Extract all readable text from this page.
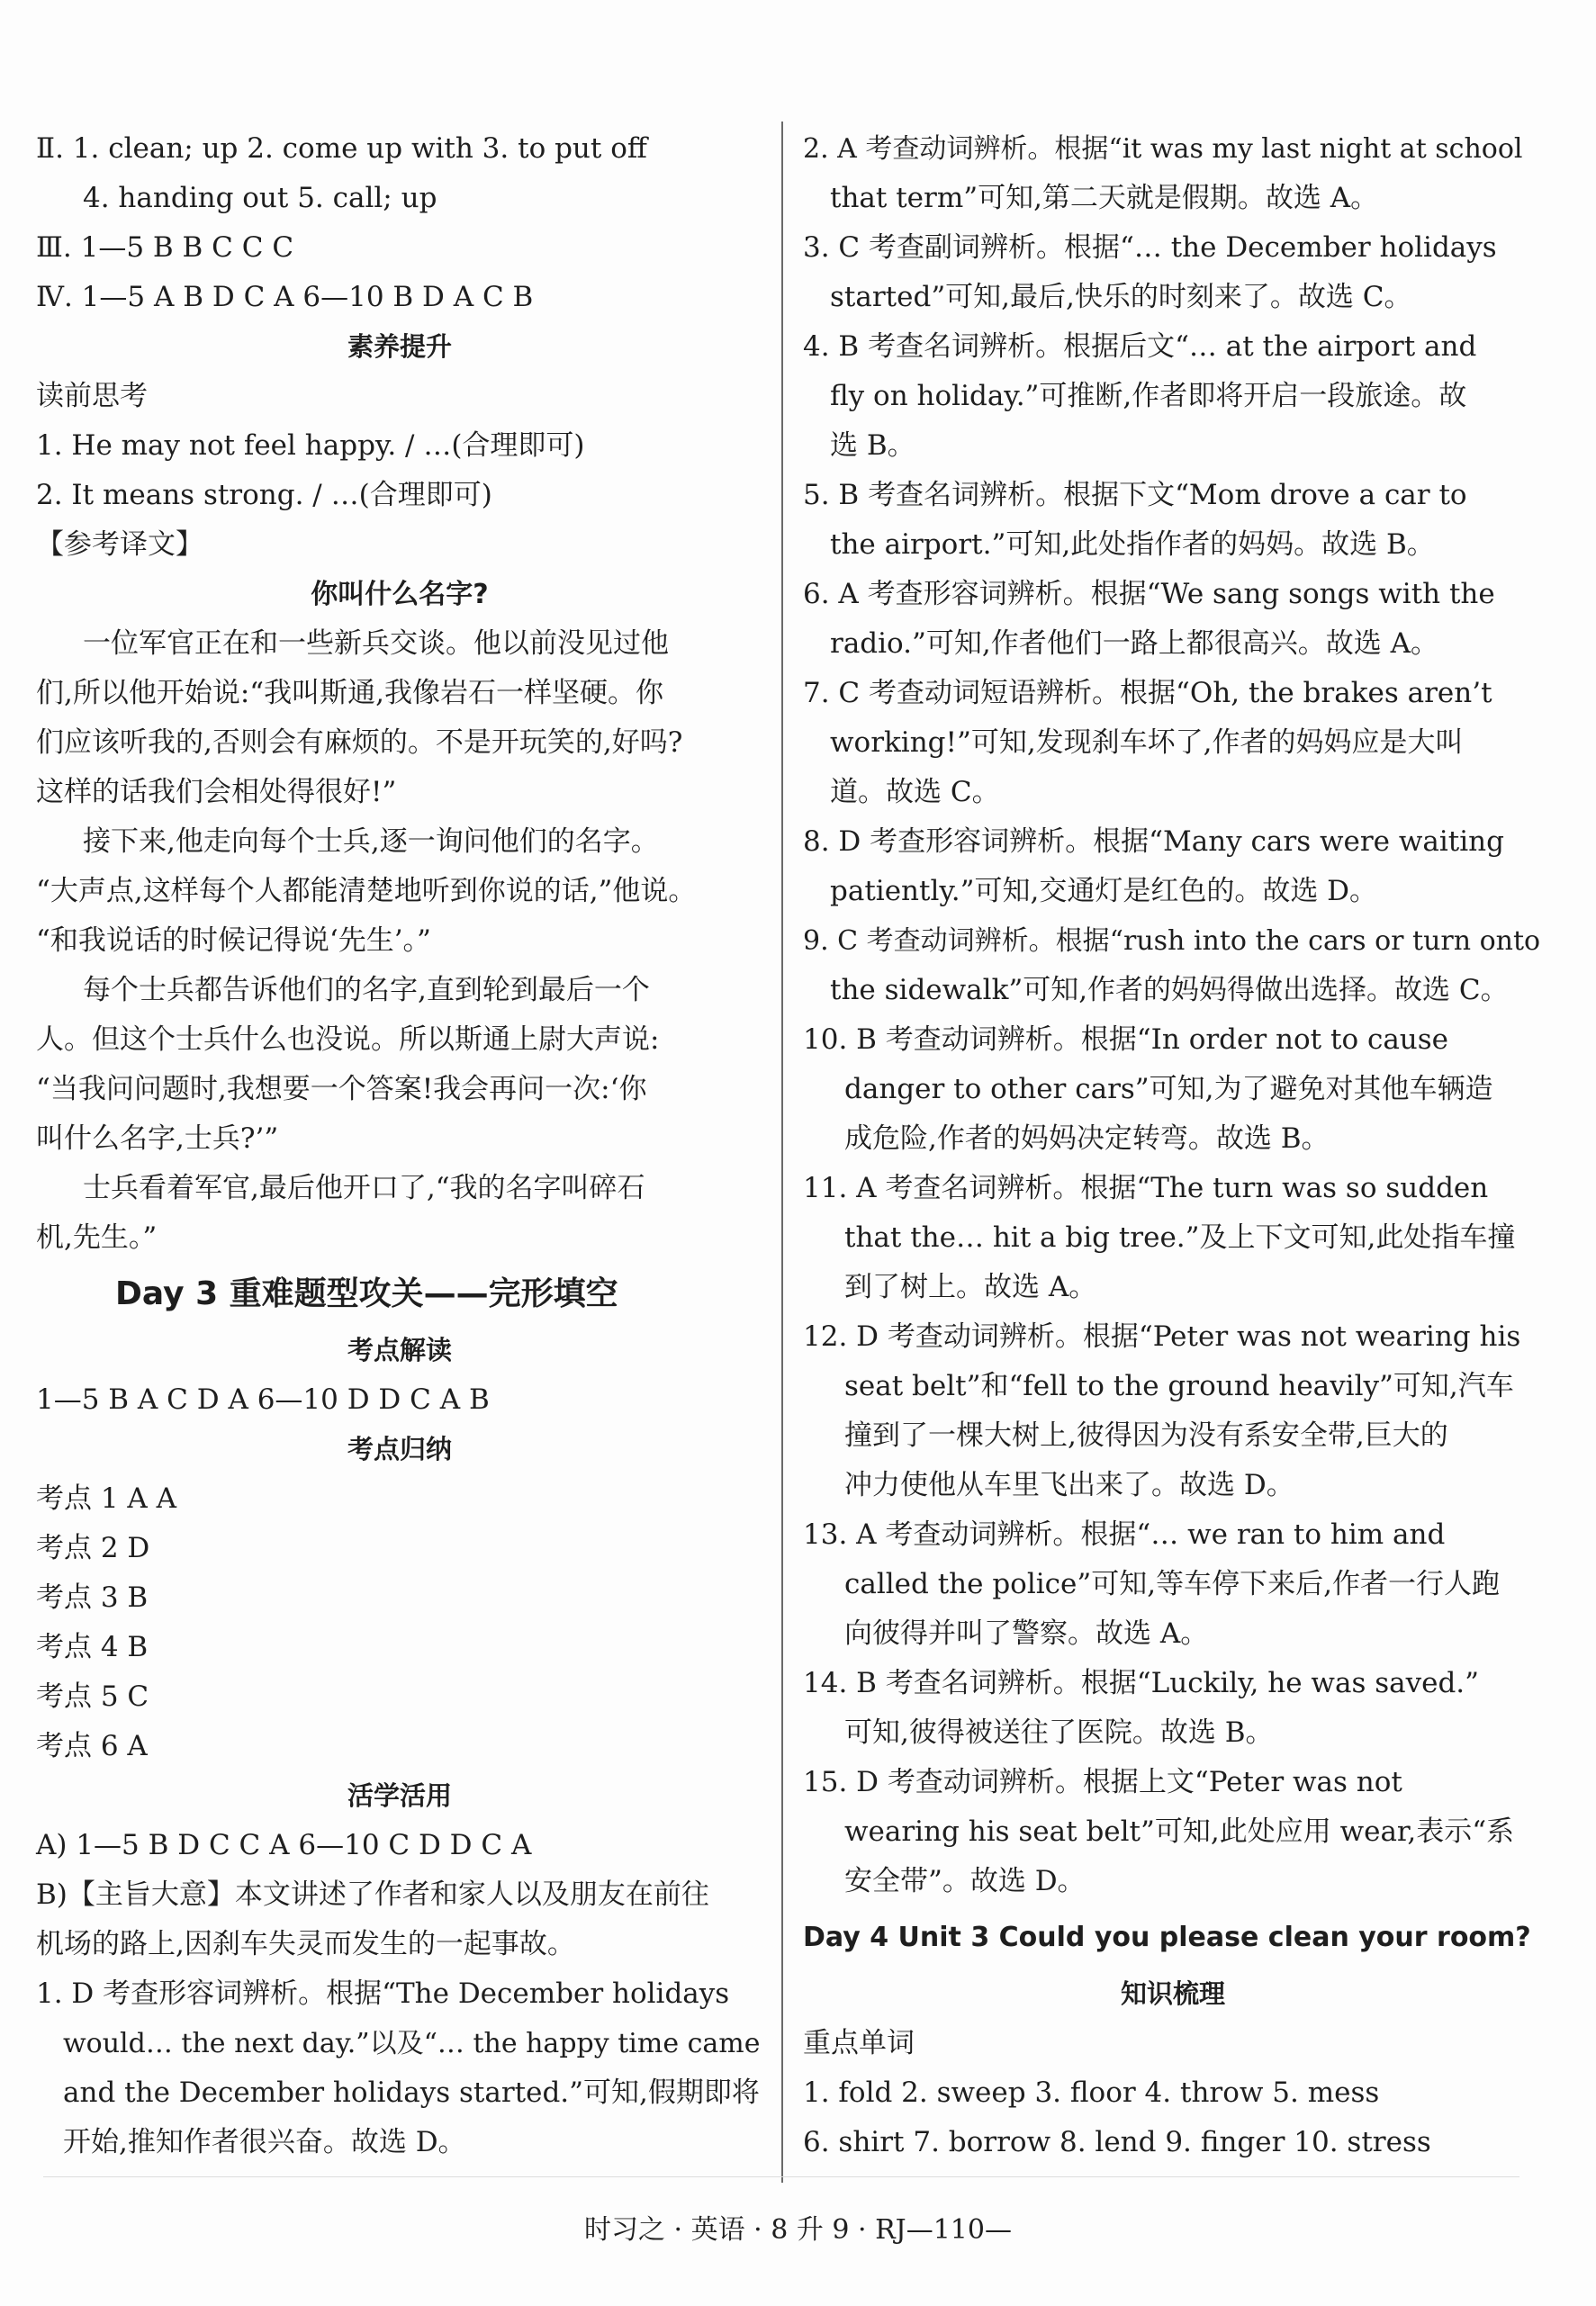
Ⅱ. 1. clean; up 2. come up with 3. to put off
4. handing out 5. call; up
Ⅲ. 1—5 B B C C C
Ⅳ. 1—5 A B D C A 6—10 B D A C B
素养提升
读前思考
1. He may not feel happy. / …(合理即可)
2. It means strong. / …(合理即可)
【参考译文】
你叫什么名字?
一位军官正在和一些新兵交谈。他以前没见过他
们,所以他开始说:“我叫斯通,我像岩石一样坚硬。你
们应该听我的,否则会有麻烦的。不是开玩笑的,好吗?
这样的话我们会相处得很好!”
接下来,他走向每个士兵,逐一询问他们的名字。
“大声点,这样每个人都能清楚地听到你说的话,”他说。
“和我说话的时候记得说‘先生’。”
每个士兵都告诉他们的名字,直到轮到最后一个
人。但这个士兵什么也没说。所以斯通上尉大声说:
“当我问问题时,我想要一个答案!我会再问一次:‘你
叫什么名字,士兵?’”
士兵看着军官,最后他开口了,“我的名字叫碎石
机,先生。”
Day 3 重难题型攻关——完形填空
考点解读
1—5 B A C D A 6—10 D D C A B
考点归纳
考点 1 A A
考点 2 D
考点 3 B
考点 4 B
考点 5 C
考点 6 A
活学活用
A) 1—5 B D C C A 6—10 C D D C A
B)【主旨大意】本文讲述了作者和家人以及朋友在前往
机场的路上,因刹车失灵而发生的一起事故。
1. D 考查形容词辨析。根据“The December holidays
would… the next day.”以及“… the happy time came
and the December holidays started.”可知,假期即将
开始,推知作者很兴奋。故选 D。
2. A 考查动词辨析。根据“it was my last night at school
that term”可知,第二天就是假期。故选 A。
3. C 考查副词辨析。根据“… the December holidays
started”可知,最后,快乐的时刻来了。故选 C。
4. B 考查名词辨析。根据后文“… at the airport and
fly on holiday.”可推断,作者即将开启一段旅途。故
选 B。
5. B 考查名词辨析。根据下文“Mom drove a car to
the airport.”可知,此处指作者的妈妈。故选 B。
6. A 考查形容词辨析。根据“We sang songs with the
radio.”可知,作者他们一路上都很高兴。故选 A。
7. C 考查动词短语辨析。根据“Oh, the brakes aren’t
working!”可知,发现刹车坏了,作者的妈妈应是大叫
道。故选 C。
8. D 考查形容词辨析。根据“Many cars were waiting
patiently.”可知,交通灯是红色的。故选 D。
9. C 考查动词辨析。根据“rush into the cars or turn onto
the sidewalk”可知,作者的妈妈得做出选择。故选 C。
10. B 考查动词辨析。根据“In order not to cause
danger to other cars”可知,为了避免对其他车辆造
成危险,作者的妈妈决定转弯。故选 B。
11. A 考查名词辨析。根据“The turn was so sudden
that the… hit a big tree.”及上下文可知,此处指车撞
到了树上。故选 A。
12. D 考查动词辨析。根据“Peter was not wearing his
seat belt”和“fell to the ground heavily”可知,汽车
撞到了一棵大树上,彼得因为没有系安全带,巨大的
冲力使他从车里飞出来了。故选 D。
13. A 考查动词辨析。根据“… we ran to him and
called the police”可知,等车停下来后,作者一行人跑
向彼得并叫了警察。故选 A。
14. B 考查名词辨析。根据“Luckily, he was saved.”
可知,彼得被送往了医院。故选 B。
15. D 考查动词辨析。根据上文“Peter was not
wearing his seat belt”可知,此处应用 wear,表示“系
安全带”。故选 D。
Day 4 Unit 3 Could you please clean your room?
知识梳理
重点单词
1. fold 2. sweep 3. floor 4. throw 5. mess
6. shirt 7. borrow 8. lend 9. finger 10. stress
时习之 · 英语 · 8 升 9 · RJ—110—
